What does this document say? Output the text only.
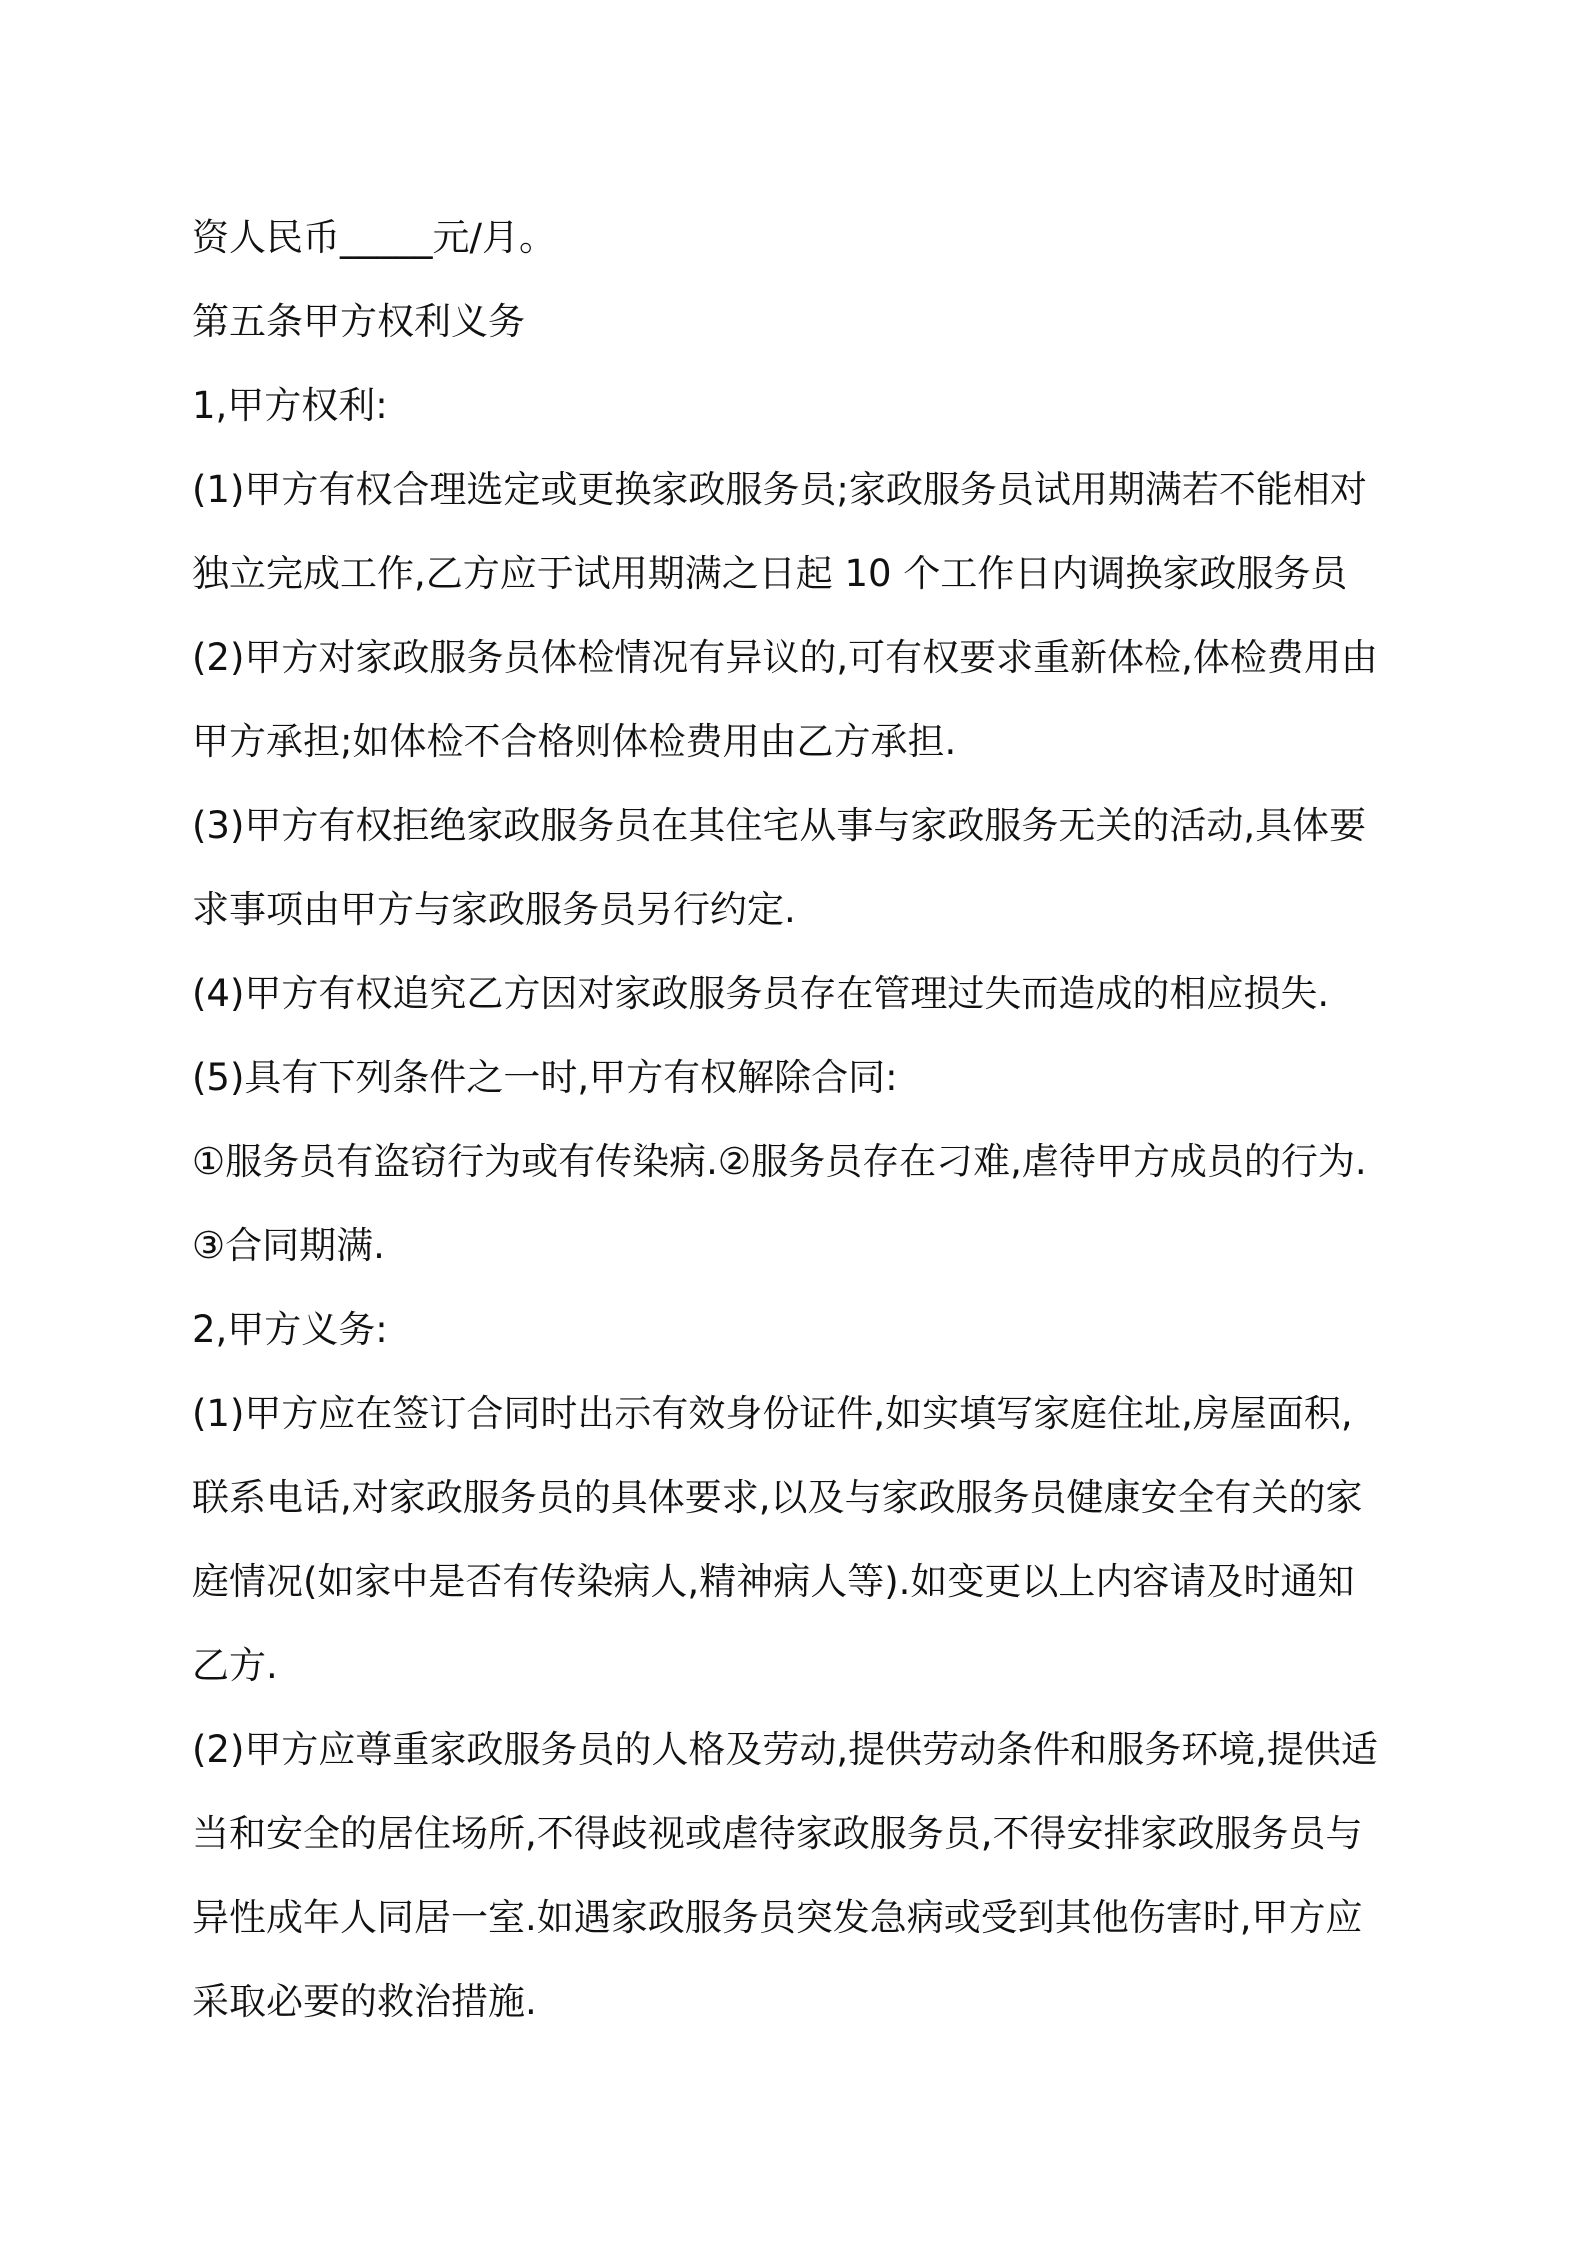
资人民币_____元/月。
第五条甲方权利义务
1,甲方权利:
(1)甲方有权合理选定或更换家政服务员;家政服务员试用期满若不能相对
独立完成工作,乙方应于试用期满之日起 10 个工作日内调换家政服务员
(2)甲方对家政服务员体检情况有异议的,可有权要求重新体检,体检费用由
甲方承担;如体检不合格则体检费用由乙方承担.
(3)甲方有权拒绝家政服务员在其住宅从事与家政服务无关的活动,具体要
求事项由甲方与家政服务员另行约定.
(4)甲方有权追究乙方因对家政服务员存在管理过失而造成的相应损失.
(5)具有下列条件之一时,甲方有权解除合同:
①服务员有盗窃行为或有传染病.②服务员存在刁难,虐待甲方成员的行为.
③合同期满.
2,甲方义务:
(1)甲方应在签订合同时出示有效身份证件,如实填写家庭住址,房屋面积,
联系电话,对家政服务员的具体要求,以及与家政服务员健康安全有关的家
庭情况(如家中是否有传染病人,精神病人等).如变更以上内容请及时通知
乙方.
(2)甲方应尊重家政服务员的人格及劳动,提供劳动条件和服务环境,提供适
当和安全的居住场所,不得歧视或虐待家政服务员,不得安排家政服务员与
异性成年人同居一室.如遇家政服务员突发急病或受到其他伤害时,甲方应
采取必要的救治措施.
